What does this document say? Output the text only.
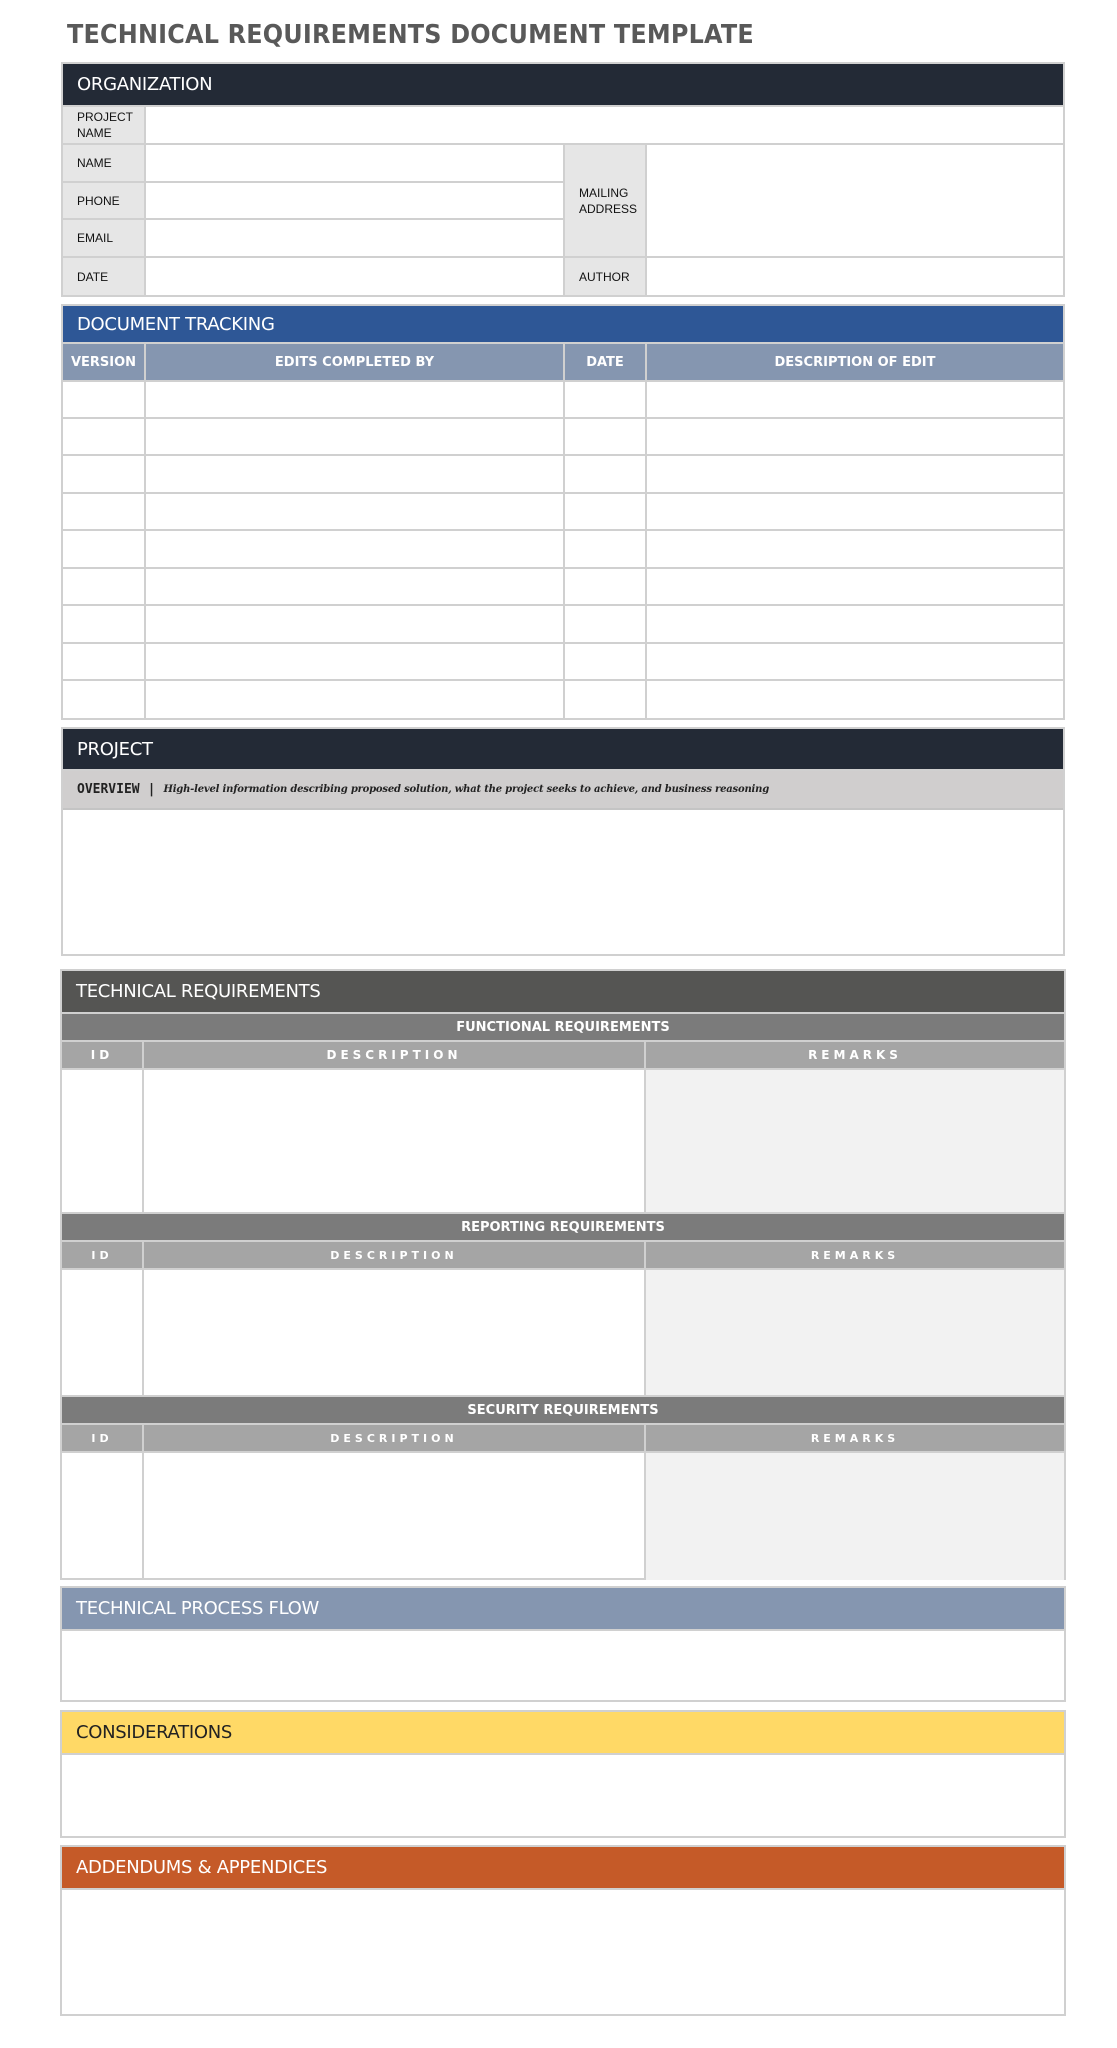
TECHNICAL REQUIREMENTS DOCUMENT TEMPLATE
ORGANIZATION
PROJECT NAME
NAME
PHONE
EMAIL
DATE
MAILING ADDRESS
AUTHOR
DOCUMENT TRACKING
VERSION	EDITS COMPLETED BY	DATE	DESCRIPTION OF EDIT
PROJECT
OVERVIEW | High-level information describing proposed solution, what the project seeks to achieve, and business reasoning
TECHNICAL REQUIREMENTS
FUNCTIONAL REQUIREMENTS
ID	DESCRIPTION	REMARKS
REPORTING REQUIREMENTS
ID	DESCRIPTION	REMARKS
SECURITY REQUIREMENTS
ID	DESCRIPTION	REMARKS
TECHNICAL PROCESS FLOW
CONSIDERATIONS
ADDENDUMS & APPENDICES
